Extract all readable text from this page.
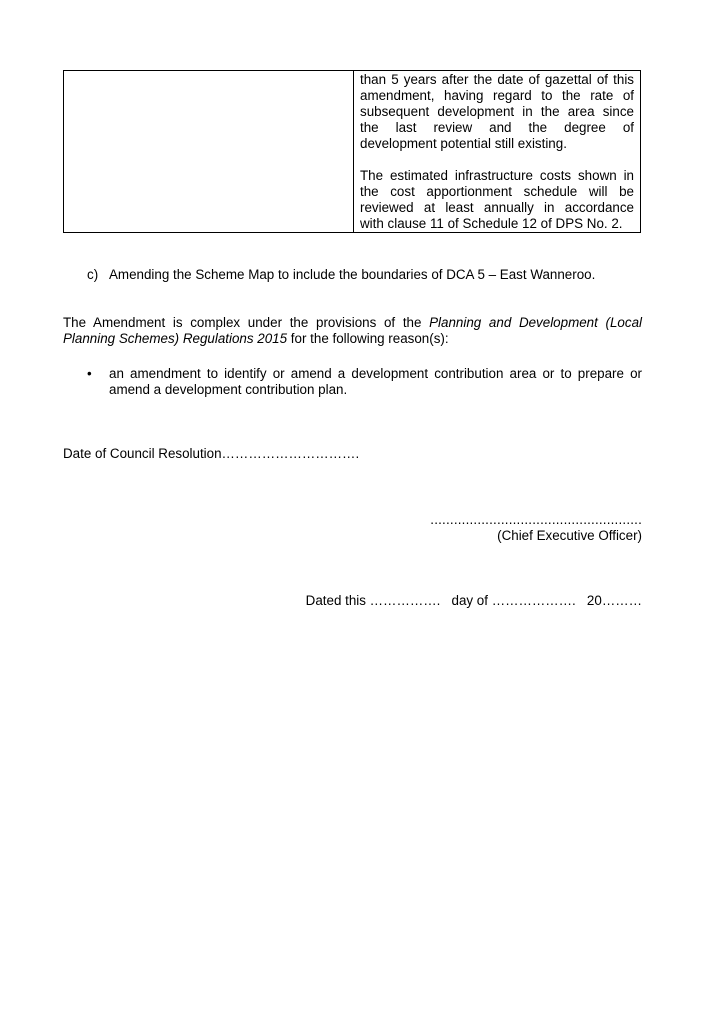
than 5 years after the date of gazettal of this
amendment, having regard to the rate of
subsequent development in the area since
the last review and the degree of
development potential still existing.

The estimated infrastructure costs shown in
the cost apportionment schedule will be
reviewed at least annually in accordance
with clause 11 of Schedule 12 of DPS No. 2.

c) Amending the Scheme Map to include the boundaries of DCA 5 – East Wanneroo.
The Amendment is complex under the provisions of the Planning and Development (Local
Planning Schemes) Regulations 2015 for the following reason(s):
•	an amendment to identify or amend a development contribution area or to prepare or
amend a development contribution plan.
Date of Council Resolution………………………….
......................................................
(Chief Executive Officer)
Dated this …………….   day of ……………….   20………
